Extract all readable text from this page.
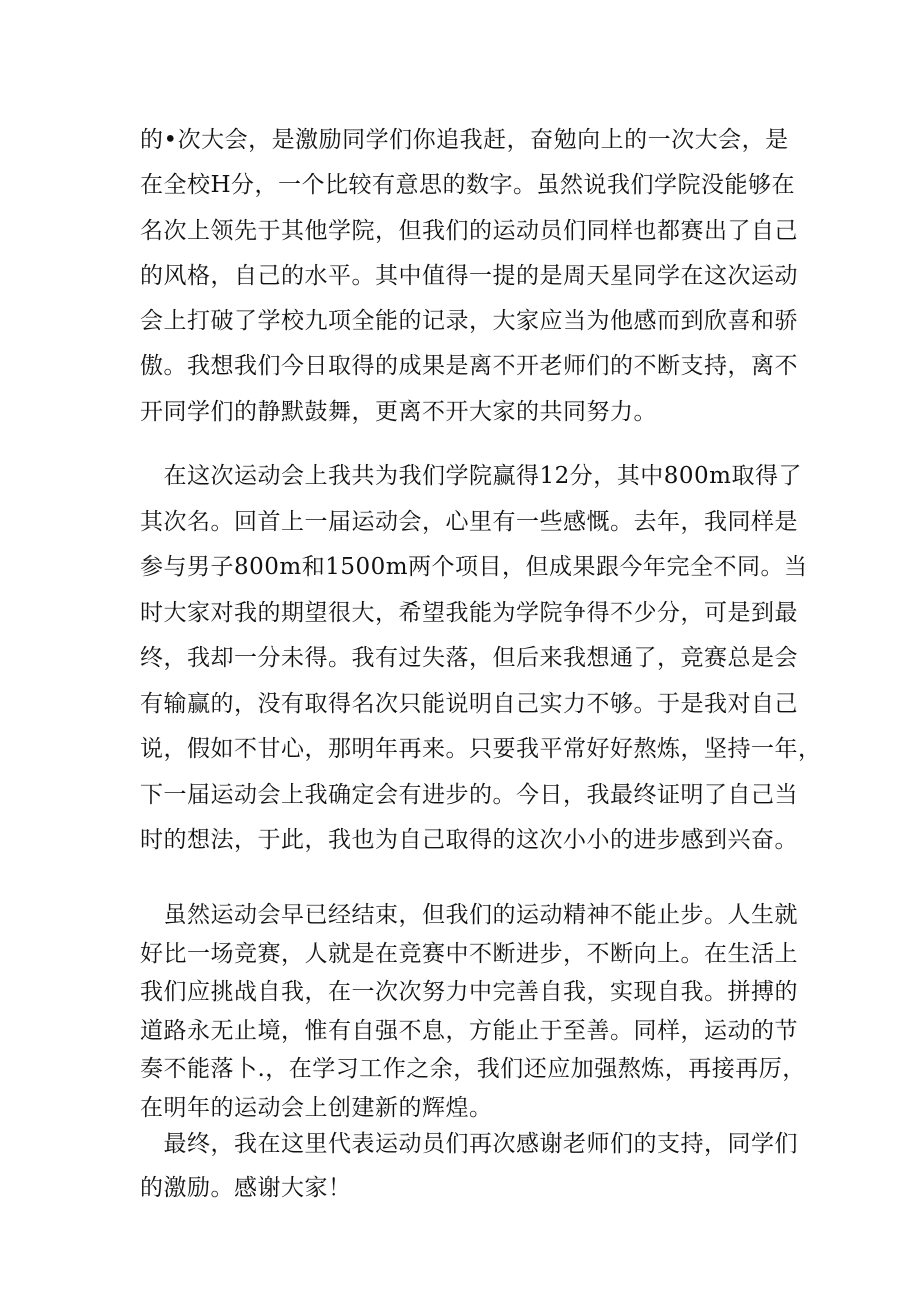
的•次大会，是激励同学们你追我赶，奋勉向上的一次大会，是
在全校H分，一个比较有意思的数字。虽然说我们学院没能够在
名次上领先于其他学院，但我们的运动员们同样也都赛出了自己
的风格，自己的水平。其中值得一提的是周天星同学在这次运动
会上打破了学校九项全能的记录，大家应当为他感而到欣喜和骄
傲。我想我们今日取得的成果是离不开老师们的不断支持，离不
开同学们的静默鼓舞，更离不开大家的共同努力。

　在这次运动会上我共为我们学院赢得12分，其中800m取得了
其次名。回首上一届运动会，心里有一些感慨。去年，我同样是
参与男子800m和1500m两个项目，但成果跟今年完全不同。当
时大家对我的期望很大，希望我能为学院争得不少分，可是到最
终，我却一分未得。我有过失落，但后来我想通了，竞赛总是会
有输赢的，没有取得名次只能说明自己实力不够。于是我对自己
说，假如不甘心，那明年再来。只要我平常好好熬炼，坚持一年，
下一届运动会上我确定会有进步的。今日，我最终证明了自己当
时的想法，于此，我也为自己取得的这次小小的进步感到兴奋。

　虽然运动会早已经结束，但我们的运动精神不能止步。人生就
好比一场竞赛，人就是在竞赛中不断进步，不断向上。在生活上
我们应挑战自我，在一次次努力中完善自我，实现自我。拼搏的
道路永无止境，惟有自强不息，方能止于至善。同样，运动的节
奏不能落卜.，在学习工作之余，我们还应加强熬炼，再接再厉，
在明年的运动会上创建新的辉煌。

　最终，我在这里代表运动员们再次感谢老师们的支持，同学们
的激励。感谢大家！
